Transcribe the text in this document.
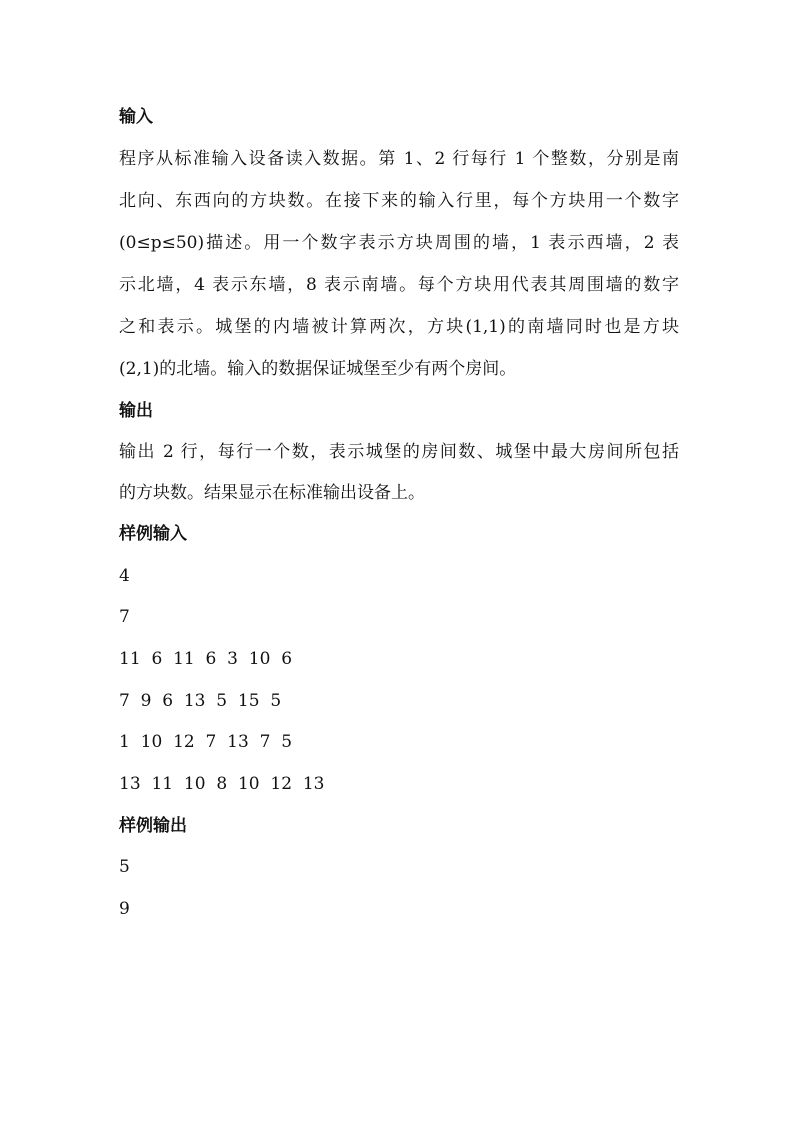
输入
程序从标准输入设备读入数据。第 1、2 行每行 1 个整数，分别是南
北向、东西向的方块数。在接下来的输入行里，每个方块用一个数字
(0≤p≤50)描述。用一个数字表示方块周围的墙，1 表示西墙，2 表
示北墙，4 表示东墙，8 表示南墙。每个方块用代表其周围墙的数字
之和表示。城堡的内墙被计算两次，方块(1,1)的南墙同时也是方块
(2,1)的北墙。输入的数据保证城堡至少有两个房间。
输出
输出 2 行，每行一个数，表示城堡的房间数、城堡中最大房间所包括
的方块数。结果显示在标准输出设备上。
样例输入
4
7
11  6  11  6  3  10  6
7  9  6  13  5  15  5
1  10  12  7  13  7  5
13  11  10  8  10  12  13
样例输出
5
9
